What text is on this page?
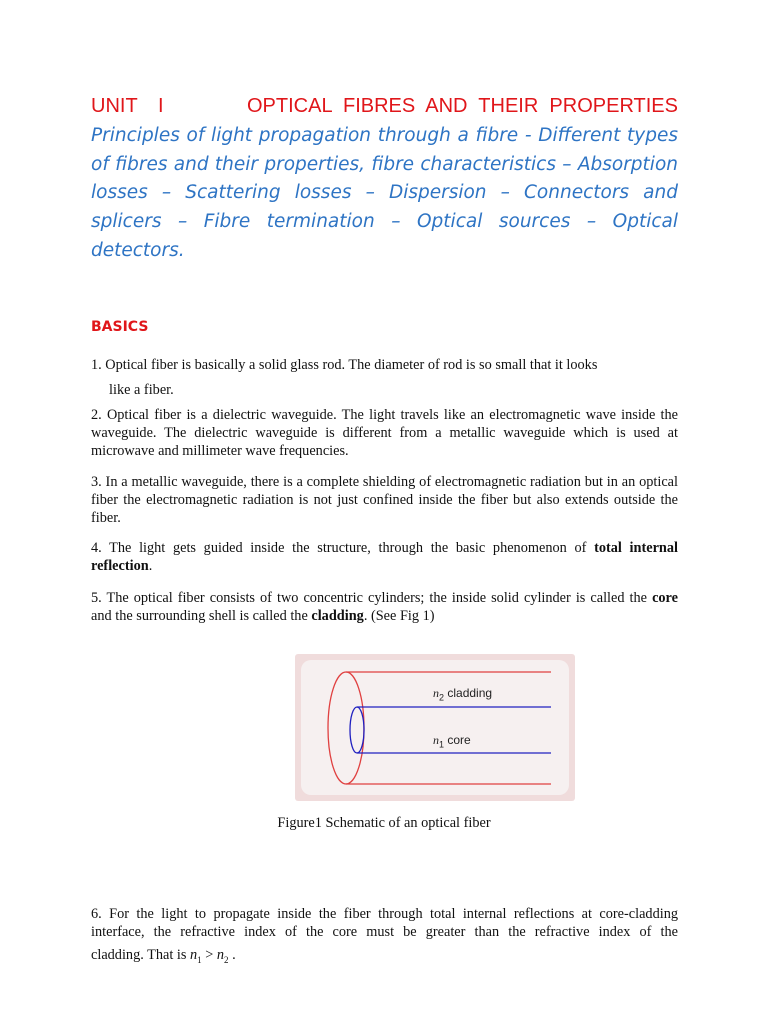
UNIT I	OPTICAL FIBRES AND THEIR PROPERTIES
Principles of light propagation through a fibre - Different types
of fibres and their properties, fibre characteristics – Absorption
losses – Scattering losses – Dispersion – Connectors and
splicers – Fibre termination – Optical sources – Optical
detectors.
BASICS
1. Optical fiber is basically a solid glass rod. The diameter of rod is so small that it looks
like a fiber.
2. Optical fiber is a dielectric waveguide. The light travels like an electromagnetic wave inside the waveguide. The dielectric waveguide is different from a metallic waveguide which is used at microwave and millimeter wave frequencies.
3. In a metallic waveguide, there is a complete shielding of electromagnetic radiation but in an optical fiber the electromagnetic radiation is not just confined inside the fiber but also extends outside the fiber.
4. The light gets guided inside the structure, through the basic phenomenon of total internal reflection.
5. The optical fiber consists of two concentric cylinders; the inside solid cylinder is called the core and the surrounding shell is called the cladding. (See Fig 1)
$n_2$ cladding
$n_1$ core
Figure1 Schematic of an optical fiber
6. For the light to propagate inside the fiber through total internal reflections at core-cladding
interface, the refractive index of the core must be greater than the refractive index of the
cladding. That is $n_1 > n_2$ .
